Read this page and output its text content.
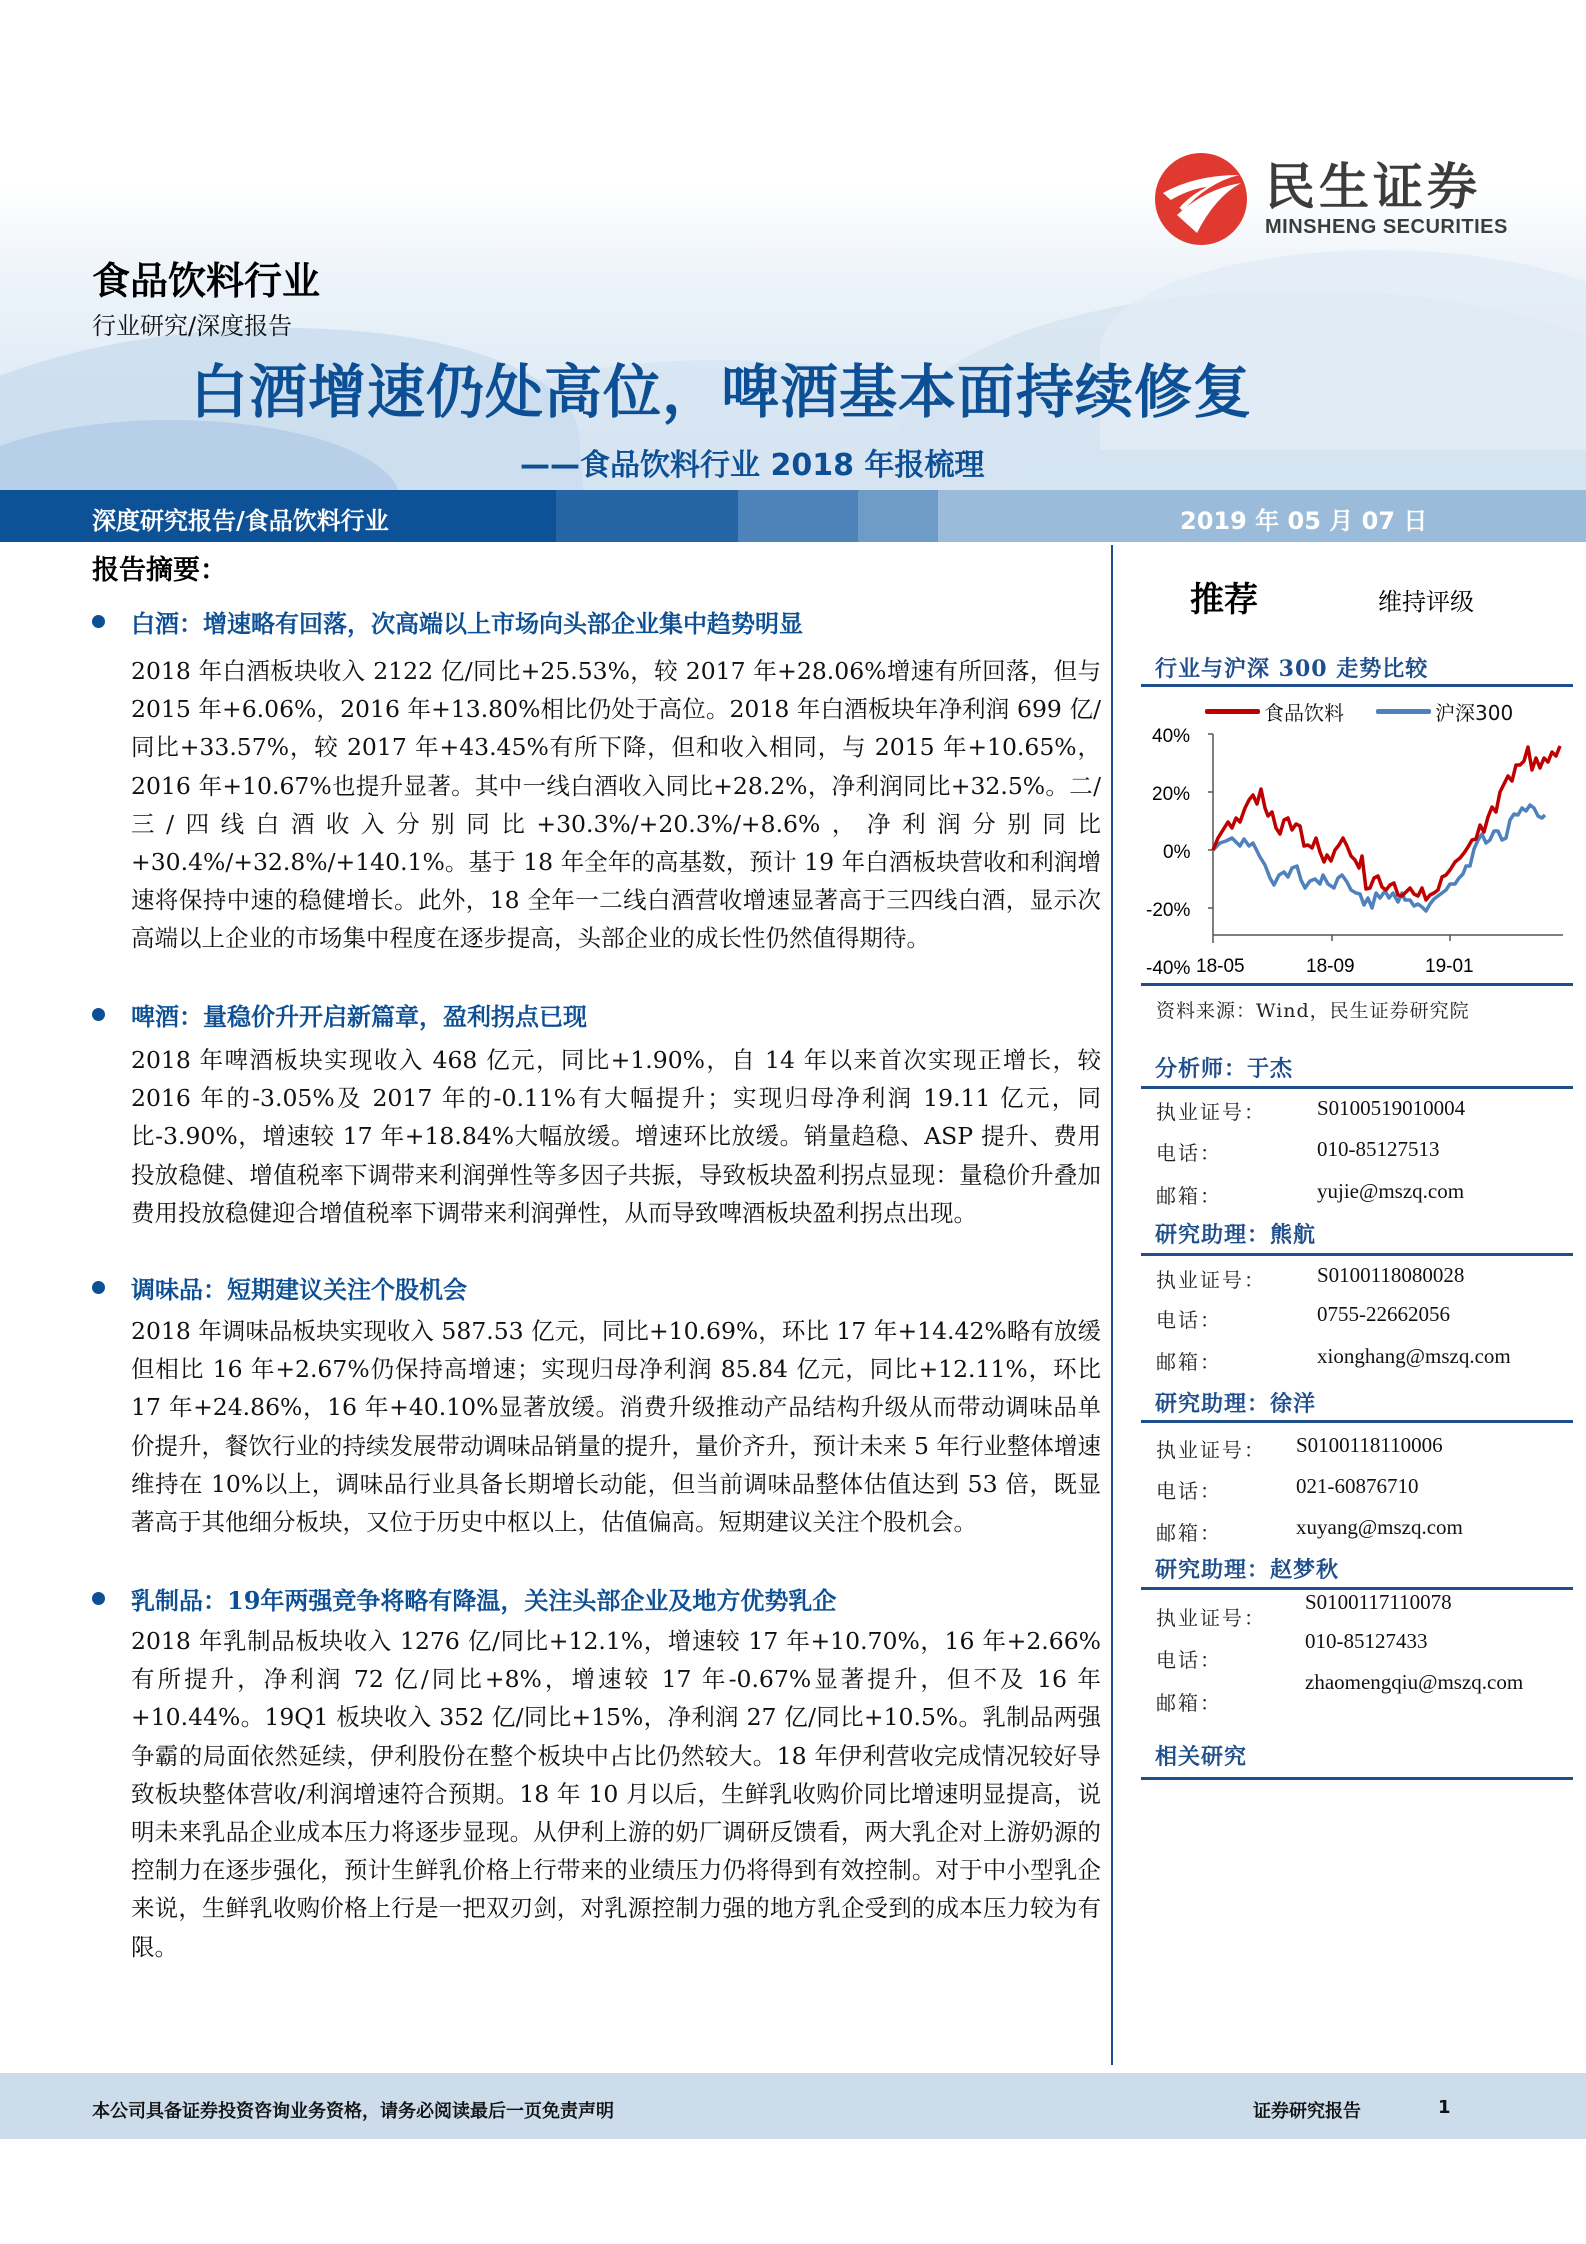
民生证券
MINSHENG SECURITIES
食品饮料行业
行业研究/深度报告
白酒增速仍处高位，啤酒基本面持续修复
——食品饮料行业 2018 年报梳理
深度研究报告/食品饮料行业	2019 年 05 月 07 日
报告摘要：
白酒：增速略有回落，次高端以上市场向头部企业集中趋势明显
2018 年白酒板块收入 2122 亿/同比+25.53%，较 2017 年+28.06%增速有所回落，但与 2015 年+6.06%，2016 年+13.80%相比仍处于高位。2018 年白酒板块年净利润 699 亿/同比+33.57%，较 2017 年+43.45%有所下降，但和收入相同，与 2015 年+10.65%，2016 年+10.67%也提升显著。其中一线白酒收入同比+28.2%，净利润同比+32.5%。二/三/四线白酒收入分别同比+30.3%/+20.3%/+8.6%，净利润分别同比+30.4%/+32.8%/+140.1%。基于 18 年全年的高基数，预计 19 年白酒板块营收和利润增速将保持中速的稳健增长。此外，18 全年一二线白酒营收增速显著高于三四线白酒，显示次高端以上企业的市场集中程度在逐步提高，头部企业的成长性仍然值得期待。
啤酒：量稳价升开启新篇章，盈利拐点已现
2018 年啤酒板块实现收入 468 亿元，同比+1.90%，自 14 年以来首次实现正增长，较 2016 年的-3.05%及 2017 年的-0.11%有大幅提升；实现归母净利润 19.11 亿元，同比-3.90%，增速较 17 年+18.84%大幅放缓。增速环比放缓。销量趋稳、ASP 提升、费用投放稳健、增值税率下调带来利润弹性等多因子共振，导致板块盈利拐点显现：量稳价升叠加费用投放稳健迎合增值税率下调带来利润弹性，从而导致啤酒板块盈利拐点出现。
调味品：短期建议关注个股机会
2018 年调味品板块实现收入 587.53 亿元，同比+10.69%，环比 17 年+14.42%略有放缓但相比 16 年+2.67%仍保持高增速；实现归母净利润 85.84 亿元，同比+12.11%，环比 17 年+24.86%，16 年+40.10%显著放缓。消费升级推动产品结构升级从而带动调味品单价提升，餐饮行业的持续发展带动调味品销量的提升，量价齐升，预计未来 5 年行业整体增速维持在 10%以上，调味品行业具备长期增长动能，但当前调味品整体估值达到 53 倍，既显著高于其他细分板块，又位于历史中枢以上，估值偏高。短期建议关注个股机会。
乳制品：19年两强竞争将略有降温，关注头部企业及地方优势乳企
2018 年乳制品板块收入 1276 亿/同比+12.1%，增速较 17 年+10.70%，16 年+2.66%有所提升，净利润 72 亿/同比+8%，增速较 17 年-0.67%显著提升，但不及 16 年+10.44%。19Q1 板块收入 352 亿/同比+15%，净利润 27 亿/同比+10.5%。乳制品两强争霸的局面依然延续，伊利股份在整个板块中占比仍然较大。18 年伊利营收完成情况较好导致板块整体营收/利润增速符合预期。18 年 10 月以后，生鲜乳收购价同比增速明显提高，说明未来乳品企业成本压力将逐步显现。从伊利上游的奶厂调研反馈看，两大乳企对上游奶源的控制力在逐步强化，预计生鲜乳价格上行带来的业绩压力仍将得到有效控制。对于中小型乳企来说，生鲜乳收购价格上行是一把双刃剑，对乳源控制力强的地方乳企受到的成本压力较为有限。
推荐	维持评级
行业与沪深 300 走势比较
食品饮料	沪深300
40%
20%
0%
-20%
-40% 18-05	18-09	19-01
资料来源：Wind，民生证券研究院
分析师：于杰
执业证号： S0100519010004
电话：	010-85127513
邮箱：	yujie@mszq.com
研究助理：熊航
执业证号： S0100118080028
电话：	0755-22662056
邮箱：	xionghang@mszq.com
研究助理：徐洋
执业证号： S0100118110006
电话：	021-60876710
邮箱：	xuyang@mszq.com
研究助理：赵梦秋
执业证号：
S0100117110078
电话：
010-85127433
邮箱：
zhaomengqiu@mszq.com
相关研究
本公司具备证券投资咨询业务资格，请务必阅读最后一页免责声明	证券研究报告	1
